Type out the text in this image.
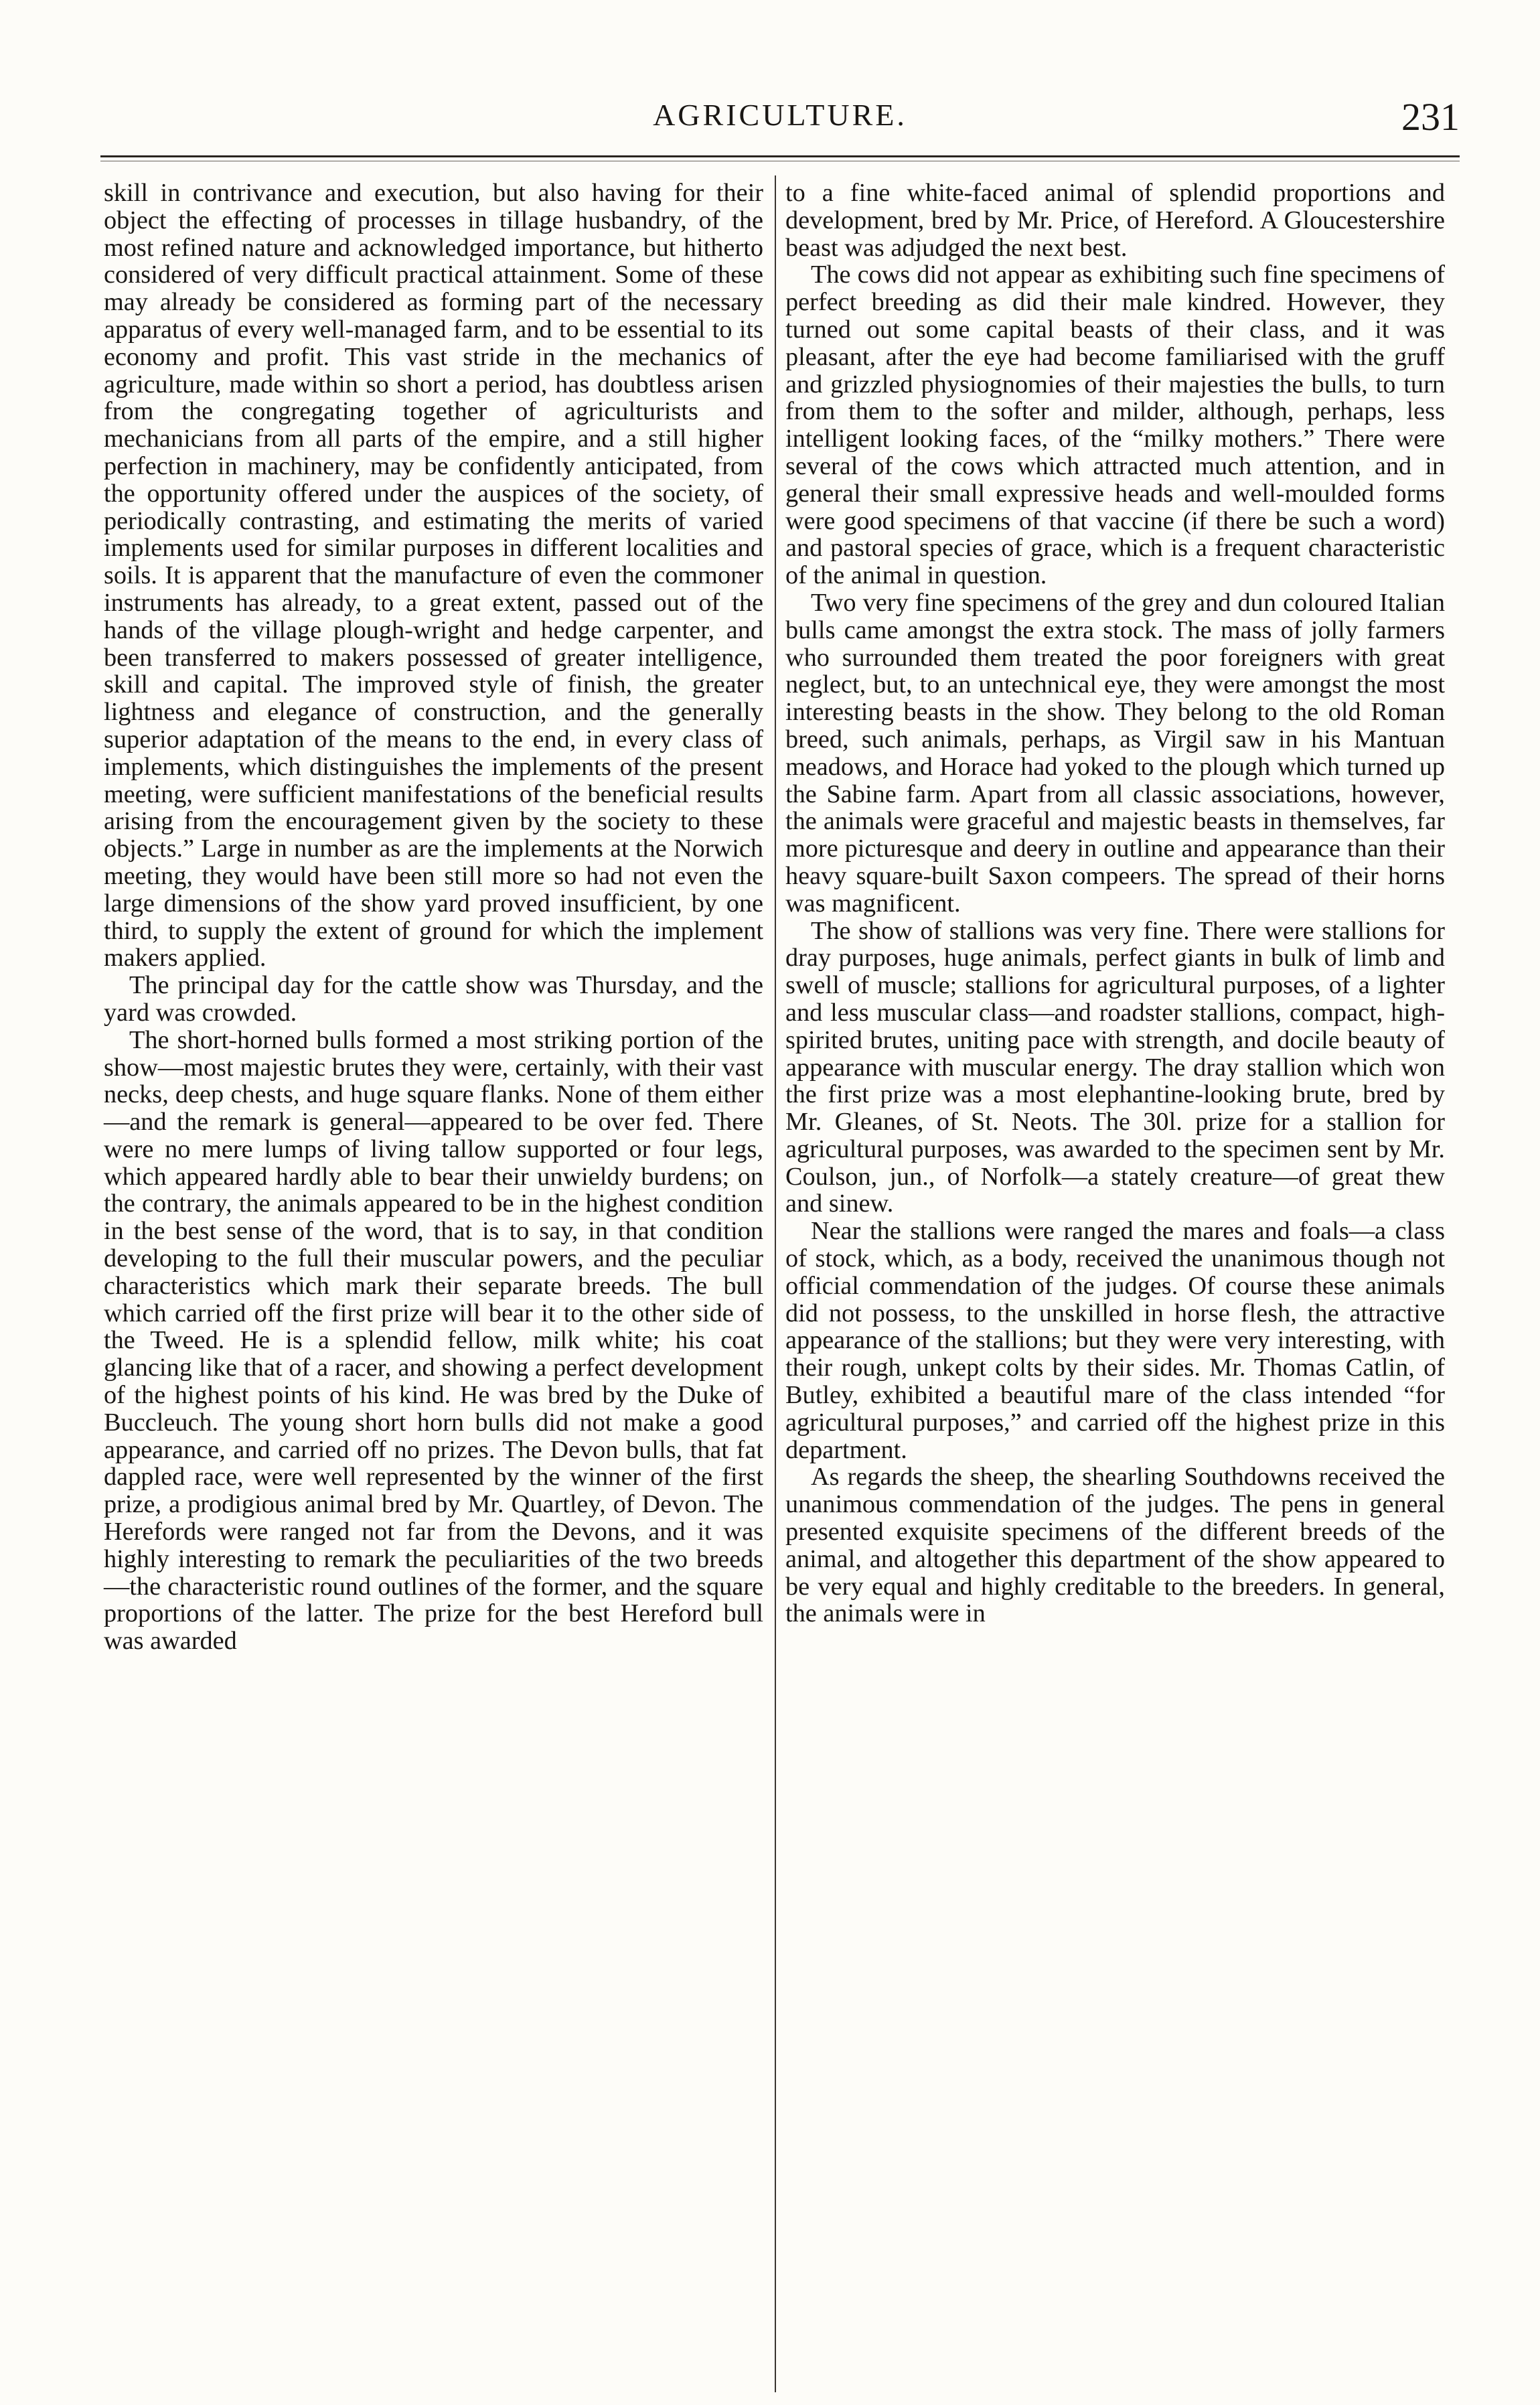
AGRICULTURE.	231

skill in contrivance and execution, but also having for their object the effecting of processes in tillage husbandry, of the most refined nature and acknowledged importance, but hitherto considered of very difficult practical attainment. Some of these may already be considered as forming part of the necessary apparatus of every well-managed farm, and to be essential to its economy and profit. This vast stride in the mechanics of agriculture, made within so short a period, has doubtless arisen from the congregating together of agriculturists and mechanicians from all parts of the empire, and a still higher perfection in machinery, may be confidently anticipated, from the opportunity offered under the auspices of the society, of periodically contrasting, and estimating the merits of varied implements used for similar purposes in different localities and soils. It is apparent that the manufacture of even the commoner instruments has already, to a great extent, passed out of the hands of the village plough-wright and hedge carpenter, and been transferred to makers possessed of greater intelligence, skill and capital. The improved style of finish, the greater lightness and elegance of construction, and the generally superior adaptation of the means to the end, in every class of implements, which distinguishes the implements of the present meeting, were sufficient manifestations of the beneficial results arising from the encouragement given by the society to these objects.” Large in number as are the implements at the Norwich meeting, they would have been still more so had not even the large dimensions of the show yard proved insufficient, by one third, to supply the extent of ground for which the implement makers applied.

The principal day for the cattle show was Thursday, and the yard was crowded.

The short-horned bulls formed a most striking portion of the show—most majestic brutes they were, certainly, with their vast necks, deep chests, and huge square flanks. None of them either—and the remark is general—appeared to be over fed. There were no mere lumps of living tallow supported or four legs, which appeared hardly able to bear their unwieldy burdens; on the contrary, the animals appeared to be in the highest condition in the best sense of the word, that is to say, in that condition developing to the full their muscular powers, and the peculiar characteristics which mark their separate breeds. The bull which carried off the first prize will bear it to the other side of the Tweed. He is a splendid fellow, milk white; his coat glancing like that of a racer, and showing a perfect development of the highest points of his kind. He was bred by the Duke of Buccleuch. The young short horn bulls did not make a good appearance, and carried off no prizes. The Devon bulls, that fat dappled race, were well represented by the winner of the first prize, a prodigious animal bred by Mr. Quartley, of Devon. The Herefords were ranged not far from the Devons, and it was highly interesting to remark the peculiarities of the two breeds—the characteristic round outlines of the former, and the square proportions of the latter. The prize for the best Hereford bull was awarded

to a fine white-faced animal of splendid proportions and development, bred by Mr. Price, of Hereford. A Gloucestershire beast was adjudged the next best.

The cows did not appear as exhibiting such fine specimens of perfect breeding as did their male kindred. However, they turned out some capital beasts of their class, and it was pleasant, after the eye had become familiarised with the gruff and grizzled physiognomies of their majesties the bulls, to turn from them to the softer and milder, although, perhaps, less intelligent looking faces, of the “milky mothers.” There were several of the cows which attracted much attention, and in general their small expressive heads and well-moulded forms were good specimens of that vaccine (if there be such a word) and pastoral species of grace, which is a frequent characteristic of the animal in question.

Two very fine specimens of the grey and dun coloured Italian bulls came amongst the extra stock. The mass of jolly farmers who surrounded them treated the poor foreigners with great neglect, but, to an untechnical eye, they were amongst the most interesting beasts in the show. They belong to the old Roman breed, such animals, perhaps, as Virgil saw in his Mantuan meadows, and Horace had yoked to the plough which turned up the Sabine farm. Apart from all classic associations, however, the animals were graceful and majestic beasts in themselves, far more picturesque and deery in outline and appearance than their heavy square-built Saxon compeers. The spread of their horns was magnificent.

The show of stallions was very fine. There were stallions for dray purposes, huge animals, perfect giants in bulk of limb and swell of muscle; stallions for agricultural purposes, of a lighter and less muscular class—and roadster stallions, compact, high-spirited brutes, uniting pace with strength, and docile beauty of appearance with muscular energy. The dray stallion which won the first prize was a most elephantine-looking brute, bred by Mr. Gleanes, of St. Neots. The 30l. prize for a stallion for agricultural purposes, was awarded to the specimen sent by Mr. Coulson, jun., of Norfolk—a stately creature—of great thew and sinew.

Near the stallions were ranged the mares and foals—a class of stock, which, as a body, received the unanimous though not official commendation of the judges. Of course these animals did not possess, to the unskilled in horse flesh, the attractive appearance of the stallions; but they were very interesting, with their rough, unkept colts by their sides. Mr. Thomas Catlin, of Butley, exhibited a beautiful mare of the class intended “for agricultural purposes,” and carried off the highest prize in this department.

As regards the sheep, the shearling Southdowns received the unanimous commendation of the judges. The pens in general presented exquisite specimens of the different breeds of the animal, and altogether this department of the show appeared to be very equal and highly creditable to the breeders. In general, the animals were in
